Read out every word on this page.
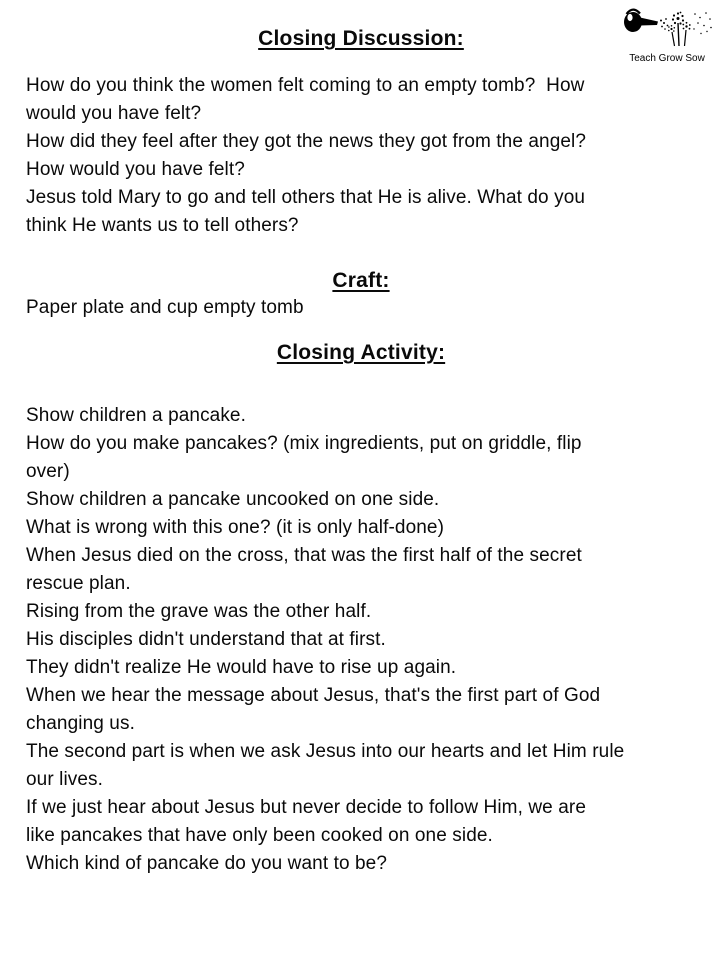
Teach Grow Sow
Closing Discussion:
How do you think the women felt coming to an empty tomb?  How
would you have felt?
How did they feel after they got the news they got from the angel?
How would you have felt?
Jesus told Mary to go and tell others that He is alive. What do you
think He wants us to tell others?
Craft:
Paper plate and cup empty tomb
Closing Activity:
Show children a pancake.
How do you make pancakes? (mix ingredients, put on griddle, flip
over)
Show children a pancake uncooked on one side.
What is wrong with this one? (it is only half-done)
When Jesus died on the cross, that was the first half of the secret
rescue plan.
Rising from the grave was the other half.
His disciples didn't understand that at first.
They didn't realize He would have to rise up again.
When we hear the message about Jesus, that's the first part of God
changing us.
The second part is when we ask Jesus into our hearts and let Him rule
our lives.
If we just hear about Jesus but never decide to follow Him, we are
like pancakes that have only been cooked on one side.
Which kind of pancake do you want to be?
